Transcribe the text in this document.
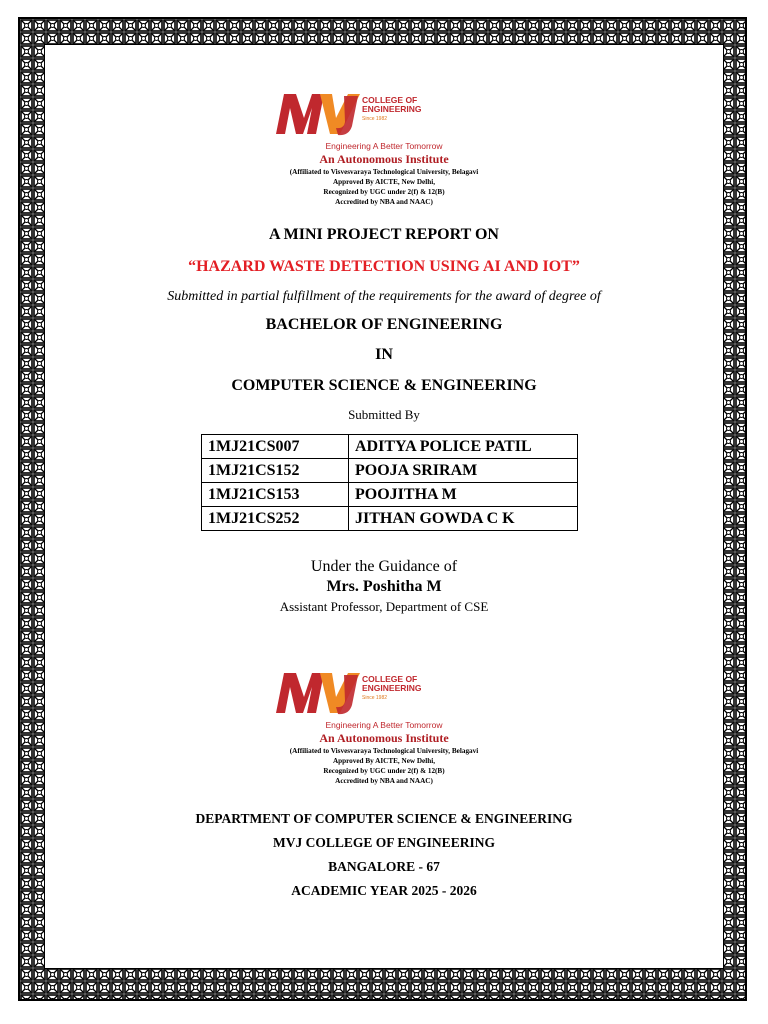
COLLEGE OF
ENGINEERING
Since 1982
Engineering A Better Tomorrow
An Autonomous Institute
(Affiliated to Visvesvaraya Technological University, Belagavi
Approved By AICTE, New Delhi,
Recognized by UGC under 2(f) & 12(B)
Accredited by NBA and NAAC)
A MINI PROJECT REPORT ON
“HAZARD WASTE DETECTION USING AI AND IOT”
Submitted in partial fulfillment of the requirements for the award of degree of
BACHELOR OF ENGINEERING
IN
COMPUTER SCIENCE & ENGINEERING
Submitted By
1MJ21CS007	ADITYA POLICE PATIL
1MJ21CS152	POOJA SRIRAM
1MJ21CS153	POOJITHA M
1MJ21CS252	JITHAN GOWDA C K
Under the Guidance of
Mrs. Poshitha M
Assistant Professor, Department of CSE
COLLEGE OF
ENGINEERING
Since 1982
Engineering A Better Tomorrow
An Autonomous Institute
(Affiliated to Visvesvaraya Technological University, Belagavi
Approved By AICTE, New Delhi,
Recognized by UGC under 2(f) & 12(B)
Accredited by NBA and NAAC)
DEPARTMENT OF COMPUTER SCIENCE & ENGINEERING
MVJ COLLEGE OF ENGINEERING
BANGALORE - 67
ACADEMIC YEAR 2025 - 2026
